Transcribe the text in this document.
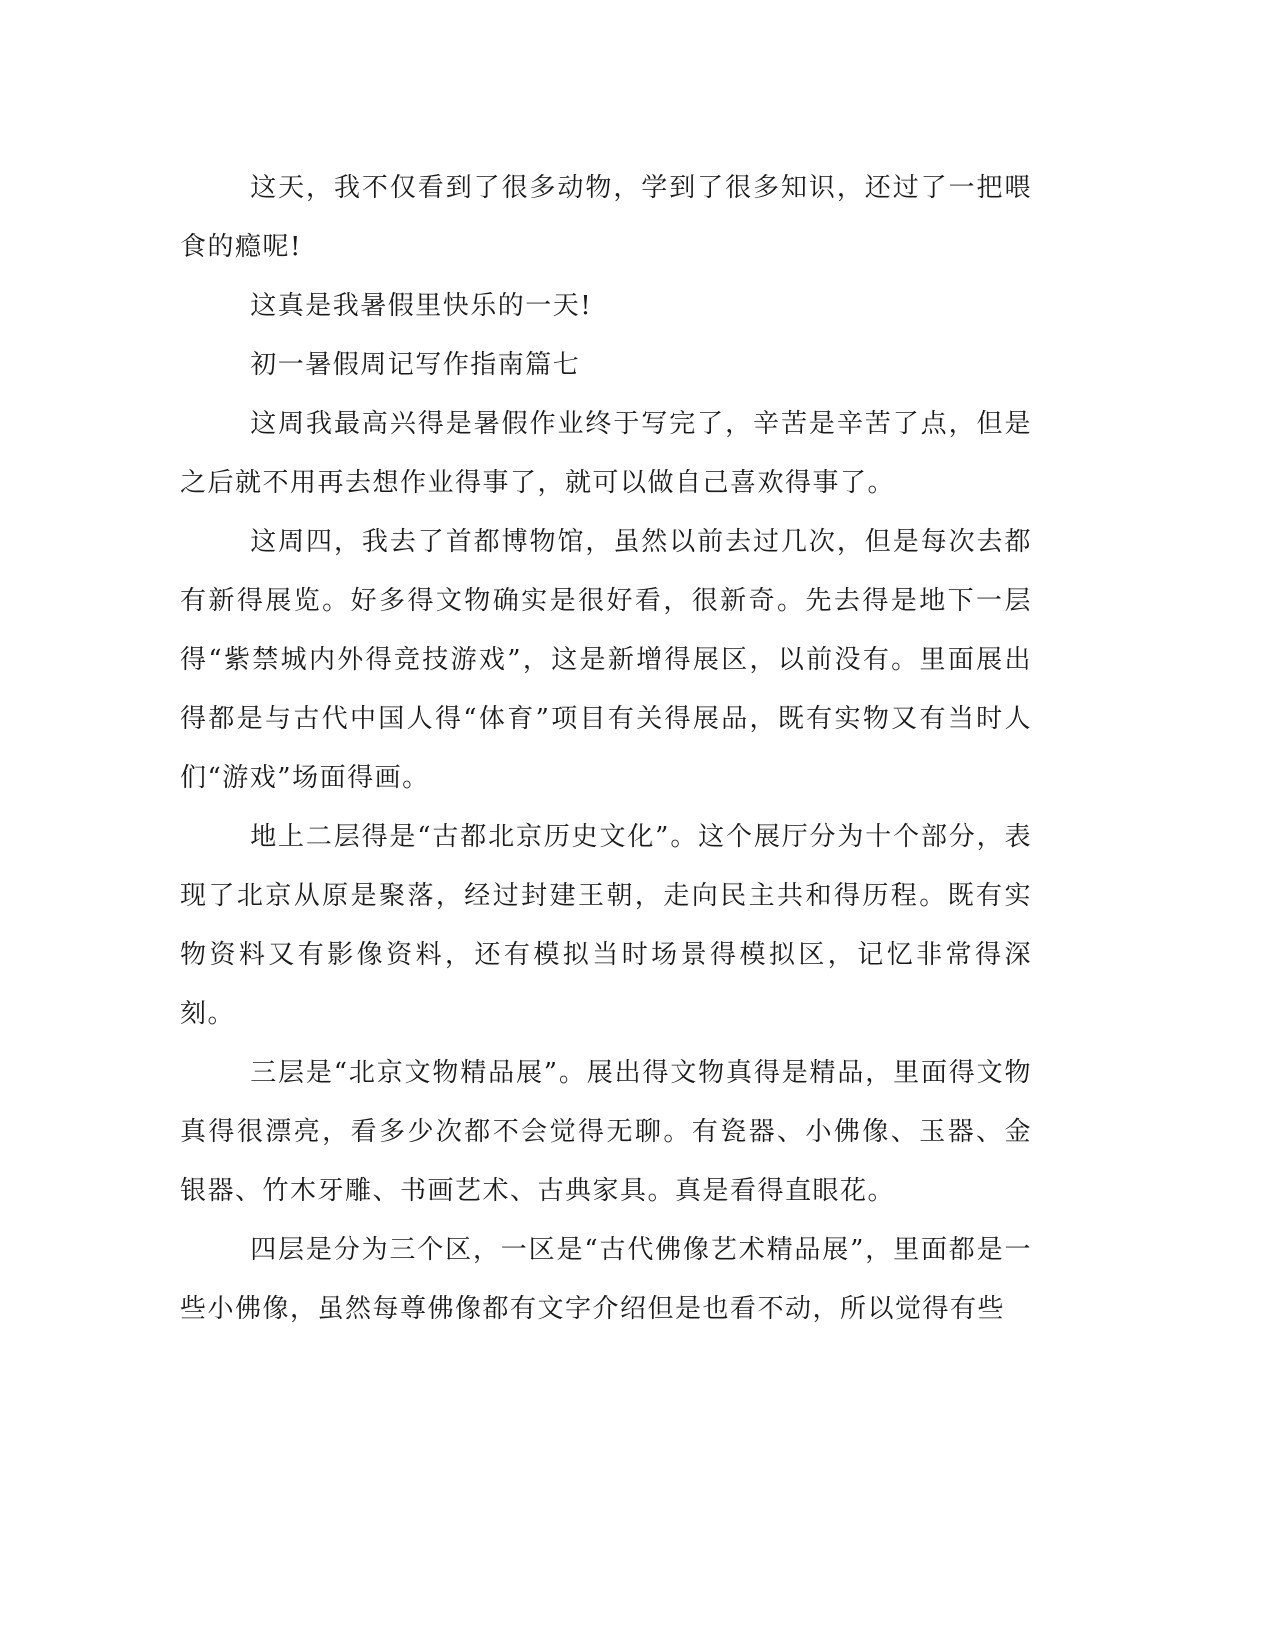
这天，我不仅看到了很多动物，学到了很多知识，还过了一把喂食的瘾呢!

这真是我暑假里快乐的一天!

初一暑假周记写作指南篇七

这周我最高兴得是暑假作业终于写完了，辛苦是辛苦了点，但是之后就不用再去想作业得事了，就可以做自己喜欢得事了。

这周四，我去了首都博物馆，虽然以前去过几次，但是每次去都有新得展览。好多得文物确实是很好看，很新奇。先去得是地下一层得“紫禁城内外得竞技游戏”，这是新增得展区，以前没有。里面展出得都是与古代中国人得“体育”项目有关得展品，既有实物又有当时人们“游戏”场面得画。

地上二层得是“古都北京历史文化”。这个展厅分为十个部分，表现了北京从原是聚落，经过封建王朝，走向民主共和得历程。既有实物资料又有影像资料，还有模拟当时场景得模拟区，记忆非常得深刻。

三层是“北京文物精品展”。展出得文物真得是精品，里面得文物真得很漂亮，看多少次都不会觉得无聊。有瓷器、小佛像、玉器、金银器、竹木牙雕、书画艺术、古典家具。真是看得直眼花。

四层是分为三个区，一区是“古代佛像艺术精品展”，里面都是一些小佛像，虽然每尊佛像都有文字介绍但是也看不动，所以觉得有些
